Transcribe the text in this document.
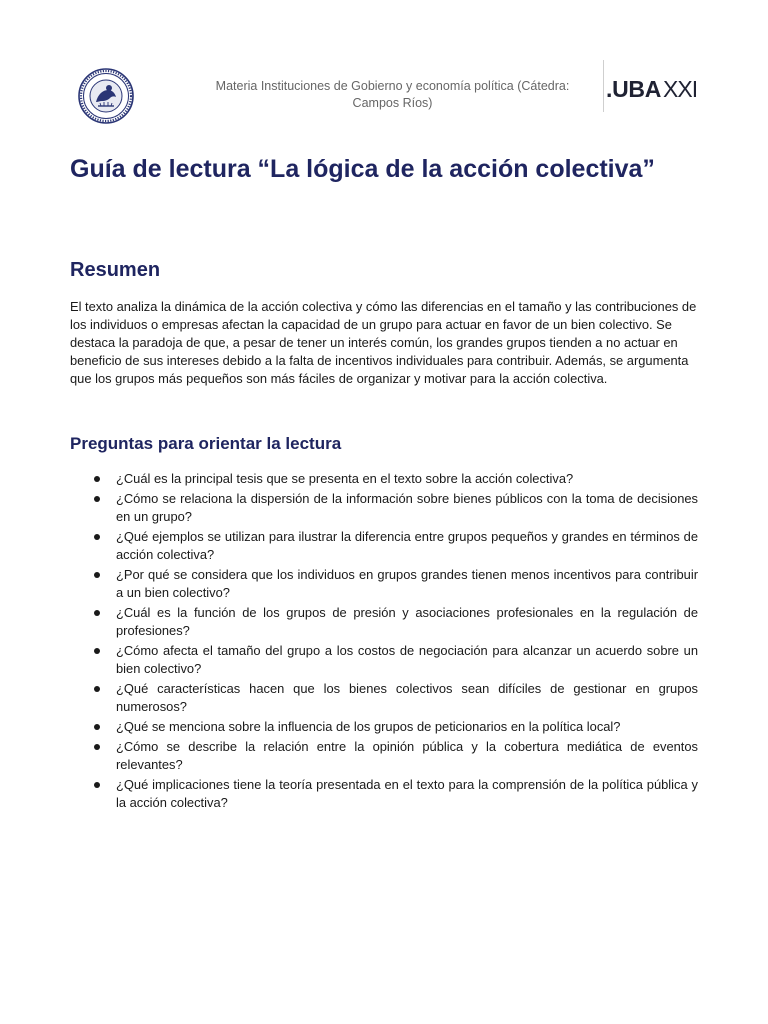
Materia Instituciones de Gobierno y economía política (Cátedra:
Campos Ríos)
.UBAXXI
Guía de lectura “La lógica de la acción colectiva”
Resumen

El texto analiza la dinámica de la acción colectiva y cómo las diferencias en el tamaño y las contribuciones de los individuos o empresas afectan la capacidad de un grupo para actuar en favor de un bien colectivo. Se destaca la paradoja de que, a pesar de tener un interés común, los grandes grupos tienden a no actuar en beneficio de sus intereses debido a la falta de incentivos individuales para contribuir. Además, se argumenta que los grupos más pequeños son más fáciles de organizar y motivar para la acción colectiva.

Preguntas para orientar la lectura
¿Cuál es la principal tesis que se presenta en el texto sobre la acción colectiva?
¿Cómo se relaciona la dispersión de la información sobre bienes públicos con la toma de decisiones en un grupo?
¿Qué ejemplos se utilizan para ilustrar la diferencia entre grupos pequeños y grandes en términos de acción colectiva?
¿Por qué se considera que los individuos en grupos grandes tienen menos incentivos para contribuir a un bien colectivo?
¿Cuál es la función de los grupos de presión y asociaciones profesionales en la regulación de profesiones?
¿Cómo afecta el tamaño del grupo a los costos de negociación para alcanzar un acuerdo sobre un bien colectivo?
¿Qué características hacen que los bienes colectivos sean difíciles de gestionar en grupos numerosos?
¿Qué se menciona sobre la influencia de los grupos de peticionarios en la política local?
¿Cómo se describe la relación entre la opinión pública y la cobertura mediática de eventos relevantes?
¿Qué implicaciones tiene la teoría presentada en el texto para la comprensión de la política pública y la acción colectiva?
